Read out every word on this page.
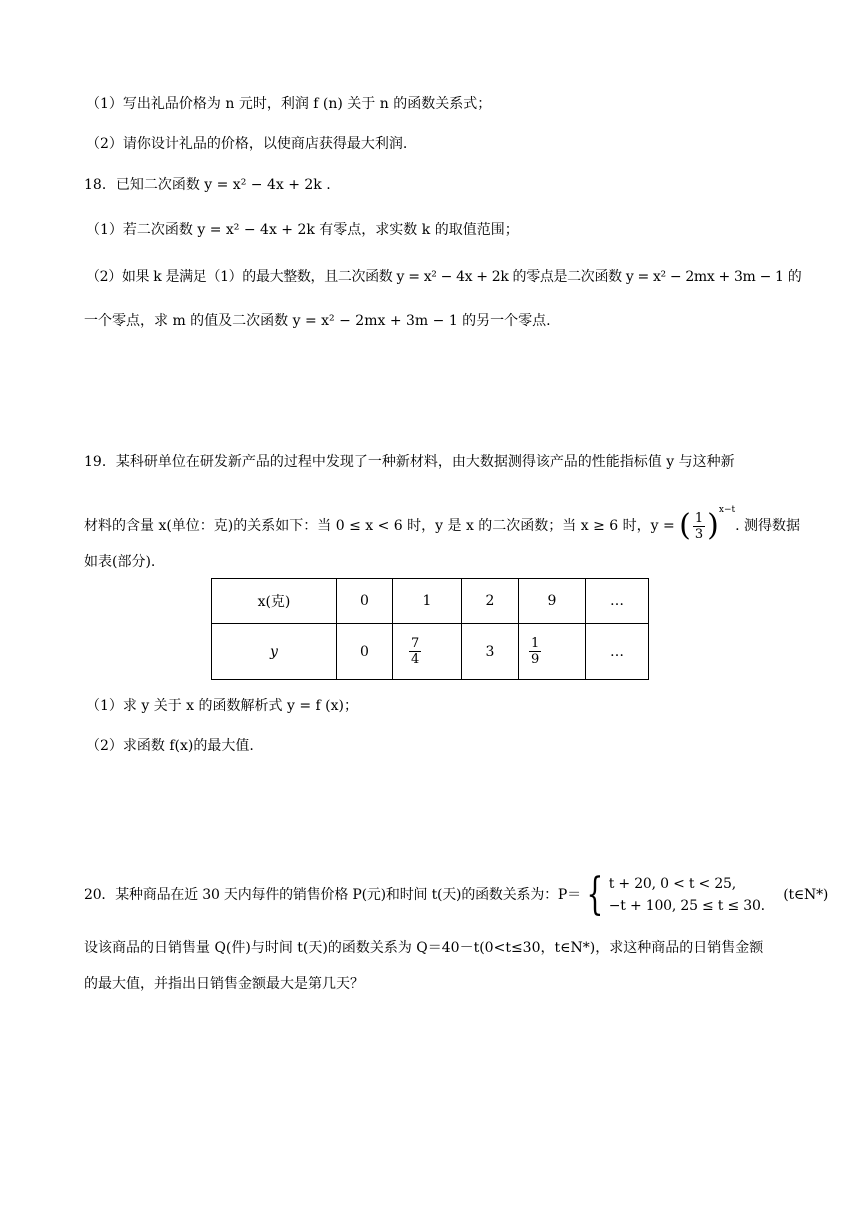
（1）写出礼品价格为 n 元时，利润 f (n) 关于 n 的函数关系式；
（2）请你设计礼品的价格，以使商店获得最大利润.
18．已知二次函数 y = x² − 4x + 2k .
（1）若二次函数 y = x² − 4x + 2k 有零点，求实数 k 的取值范围；
（2）如果 k 是满足（1）的最大整数，且二次函数 y = x² − 4x + 2k 的零点是二次函数 y = x² − 2mx + 3m − 1 的
一个零点，求 m 的值及二次函数 y = x² − 2mx + 3m − 1 的另一个零点.
19．某科研单位在研发新产品的过程中发现了一种新材料，由大数据测得该产品的性能指标值 y 与这种新
材料的含量 x(单位：克)的关系如下：当 0 ≤ x < 6 时，y 是 x 的二次函数；当 x ≥ 6 时，y = ( $\frac{1}{3} )^{x-t}$. 测得数据
如表(部分).
x(克)	0	1	2	9	…
y	0	$\frac{7}{4}$	3	$\frac{1}{9}$	…
（1）求 y 关于 x 的函数解析式 y = f (x)；
（2）求函数 f(x)的最大值.
20．某种商品在近 30 天内每件的销售价格 P(元)和时间 t(天)的函数关系为：P＝ { t + 20, 0 < t < 25,
−t + 100, 25 ≤ t ≤ 30.
(t∈N*)
设该商品的日销售量 Q(件)与时间 t(天)的函数关系为 Q＝40－t(0<t≤30，t∈N*)，求这种商品的日销售金额
的最大值，并指出日销售金额最大是第几天？
